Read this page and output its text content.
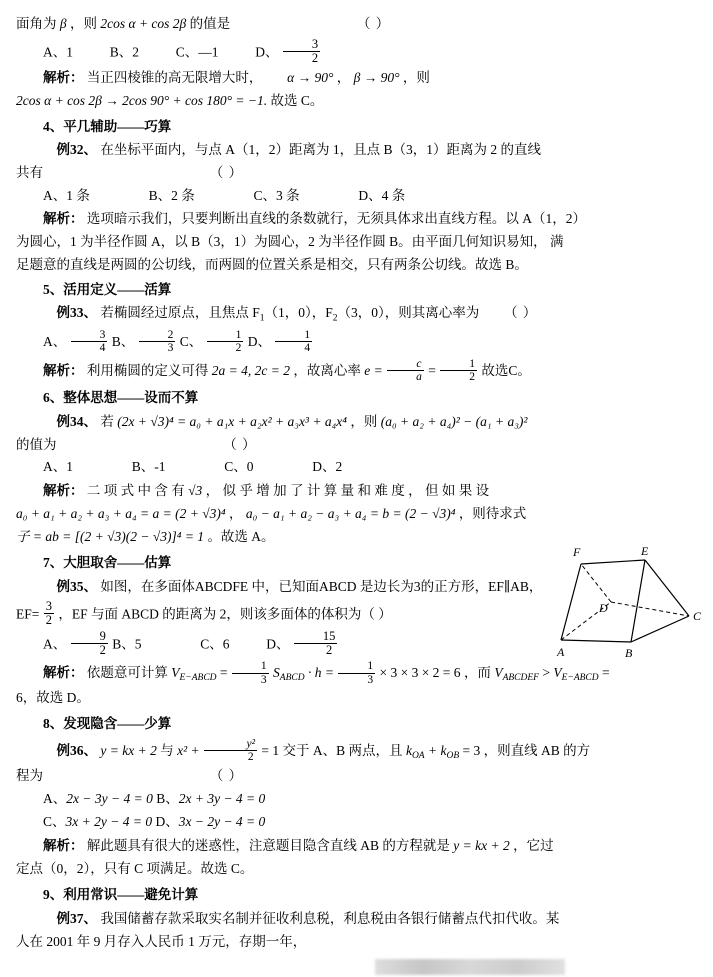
面角为 β ，则 2cos α + cos 2β 的值是	（ ）

A、1	B、2	C、—1	D、 $\frac{3}{2}$

解析： 当正四棱锥的高无限增大时， α → 90° ， β → 90° ，则

2cos α + cos 2β → 2cos 90° + cos 180° = −1. 故选 C。

4、平几辅助——巧算

例32、 在坐标平面内，与点 A（1，2）距离为 1，且点 B（3，1）距离为 2 的直线

共有	（ ）

A、1 条	B、2 条	C、3 条	D、4 条

解析： 选项暗示我们，只要判断出直线的条数就行，无须具体求出直线方程。以 A（1，2）

为圆心，1 为半径作圆 A，以 B（3，1）为圆心，2 为半径作圆 B。由平面几何知识易知， 满

足题意的直线是两圆的公切线，而两圆的位置关系是相交，只有两条公切线。故选 B。

5、活用定义——活算

例33、 若椭圆经过原点，且焦点 $F_1(1$，0），$F_2(3$，0），则其离心率为 （ ）

A、 $\frac{3}{4}$ B、 $\frac{2}{3}$ C、 $\frac{1}{2}$ D、 $\frac{1}{4}$

解析： 利用椭圆的定义可得 2a = 4, 2c = 2 ，故离心率 $e = \frac{c}{a} = \frac{1}{2}$ 故选C。

6、整体思想——设而不算

例34、 若 (2x + √3)⁴ = a₀ + a₁x + a₂x² + a₃x³ + a₄x⁴ ，则 (a₀ + a₂ + a₄)² − (a₁ + a₃)²

的值为	（ ）

A、1	B、-1	C、0	D、2

解析： 二 项 式 中 含 有 √3 ， 似 乎 增 加 了 计 算 量 和 难 度 ， 但 如 果 设

a₀ + a₁ + a₂ + a₃ + a₄ = a = (2 + √3)⁴ ， a₀ − a₁ + a₂ − a₃ + a₄ = b = (2 − √3)⁴ ，则待求式

子 = ab = [(2 + √3)(2 − √3)]⁴ = 1 。故选 A。

7、大胆取舍——估算

例35、 如图，在多面体ABCDFE 中，已知面ABCD 是边长为3的正方形，EF∥AB，

$EF= \frac{3}{2}$ ，EF 与面 ABCD 的距离为 2，则该多面体的体积为（ ）

A、 $\frac{9}{2}$ B、5	C、6	D、 $\frac{15}{2}$

解析： 依题意可计算 $V_{E-ABCD} = \frac{1}{3} S_{ABCD} \cdot h = \frac{1}{3} \times 3 \times 3 \times 2 = 6$ ，而 $V_{ABCDEF} > V_{E-ABCD}$ =

6，故选 D。

8、发现隐含——少算

例36、 y = kx + 2 与 $x^2 + \frac{\text{y²}}{2} = 1$ 交于 A、B 两点，且 $k_{OA} + k_{OB} = 3$ ，则直线 AB 的方

程为	（ ）

A、2x − 3y − 4 = 0 B、2x + 3y − 4 = 0

C、3x + 2y − 4 = 0 D、3x − 2y − 4 = 0

解析： 解此题具有很大的迷惑性，注意题目隐含直线 AB 的方程就是 y = kx + 2 ，它过

定点（0，2），只有 C 项满足。故选 C。

9、利用常识——避免计算

例37、 我国储蓄存款采取实名制并征收利息税，利息税由各银行储蓄点代扣代收。某

人在 2001 年 9 月存入人民币 1 万元，存期一年，

F	E
D
C
A	B
